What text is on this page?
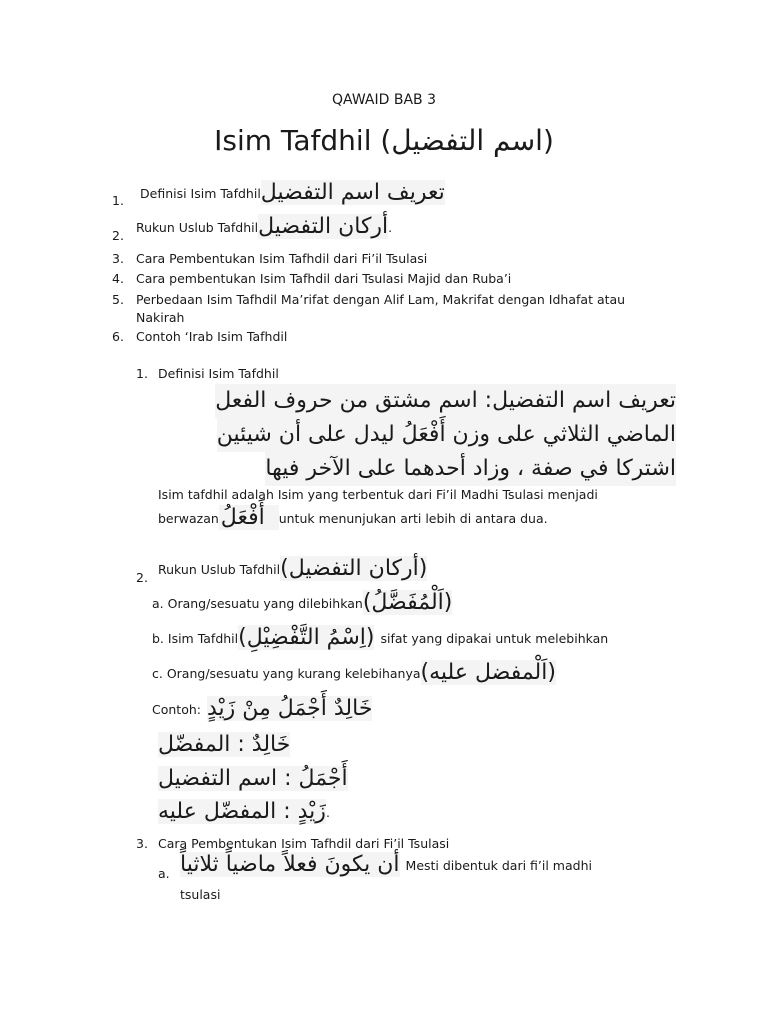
QAWAID BAB 3
Isim Tafdhil (اسم التفضيل)
1. Definisi Isim Tafdhil تعريف اسم التفضيل
2.
Rukun Uslub Tafdhil أركان التفضيل .
3. Cara Pembentukan Isim Tafhdil dari Fi’il Tsulasi
4. Cara pembentukan Isim Tafhdil dari Tsulasi Majid dan Ruba’i
5. Perbedaan Isim Tafhdil Ma’rifat dengan Alif Lam, Makrifat dengan Idhafat atau
Nakirah
6. Contoh ‘Irab Isim Tafhdil
1. Definisi Isim Tafdhil
تعريف اسم التفضيل: اسم مشتق من حروف الفعل
الماضي الثلاثي على وزن أَفْعَلُ ليدل على أن شيئين
اشتركا في صفة ، وزاد أحدهما على الآخر فيها
Isim tafdhil adalah Isim yang terbentuk dari Fi’il Madhi Tsulasi menjadi
berwazan أَفْعَلُ	untuk menunjukan arti lebih di antara dua.
2.
Rukun Uslub Tafdhil (أركان التفضيل)
a. Orang/sesuatu yang dilebihkan (اَلْمُفَضَّلُ)
b. Isim Tafdhil (اِسْمُ التَّفْضِيْلِ) sifat yang dipakai untuk melebihkan
c. Orang/sesuatu yang kurang kelebihanya (اَلْمفضل عليه)
Contoh: خَالِدٌ أَجْمَلُ مِنْ زَيْدٍ
خَالِدٌ : المفضّل
أَجْمَلُ : اسم التفضيل
زَيْدٍ : المفضّل عليه .
3. Cara Pembentukan Isim Tafhdil dari Fi’il Tsulasi
a. أن يكونَ فعلاً ماضياً ثلاثياً Mesti dibentuk dari fi’il madhi
tsulasi
